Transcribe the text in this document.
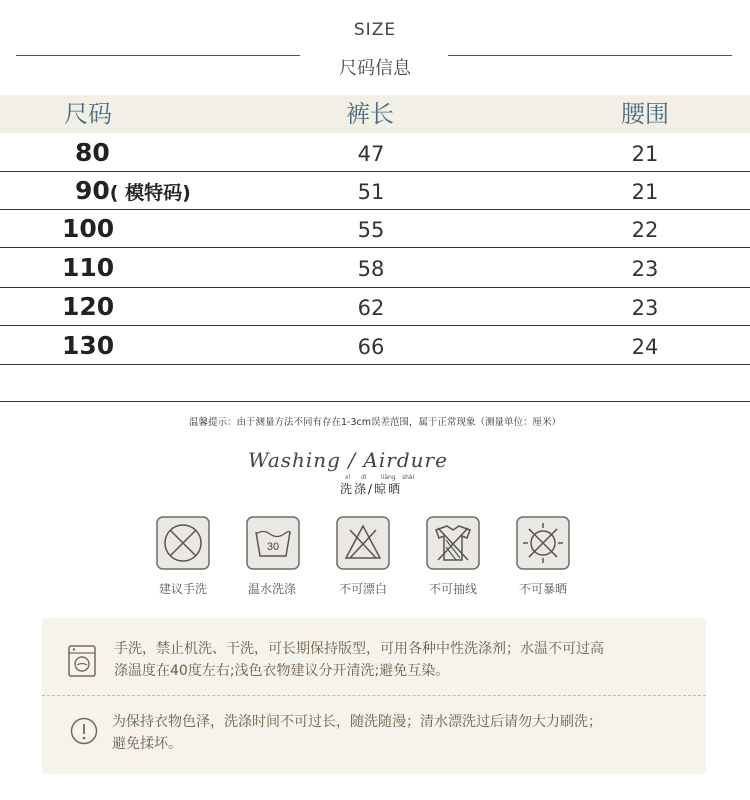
SIZE
尺码信息
尺码	裤长	腰围
80	47	21
90( 模特码)	51	21
100	55	22
110	58	23
120	62	23
130	66	24
温馨提示：由于测量方法不同有存在1-3cm误差范围，属于正常现象（测量单位：厘米）
Washing / Airdure
xǐ dí liàng shài
洗涤/晾晒
建议手洗
30
温水洗涤	不可漂白	不可抽线	不可暴晒
手洗，禁止机洗、干洗，可长期保持版型，可用各种中性洗涤剂；水温不可过高
涤温度在40度左右;浅色衣物建议分开清洗;避免互染。
为保持衣物色泽，洗涤时间不可过长，随洗随漫；清水漂洗过后请勿大力刷洗；
避免揉坏。
